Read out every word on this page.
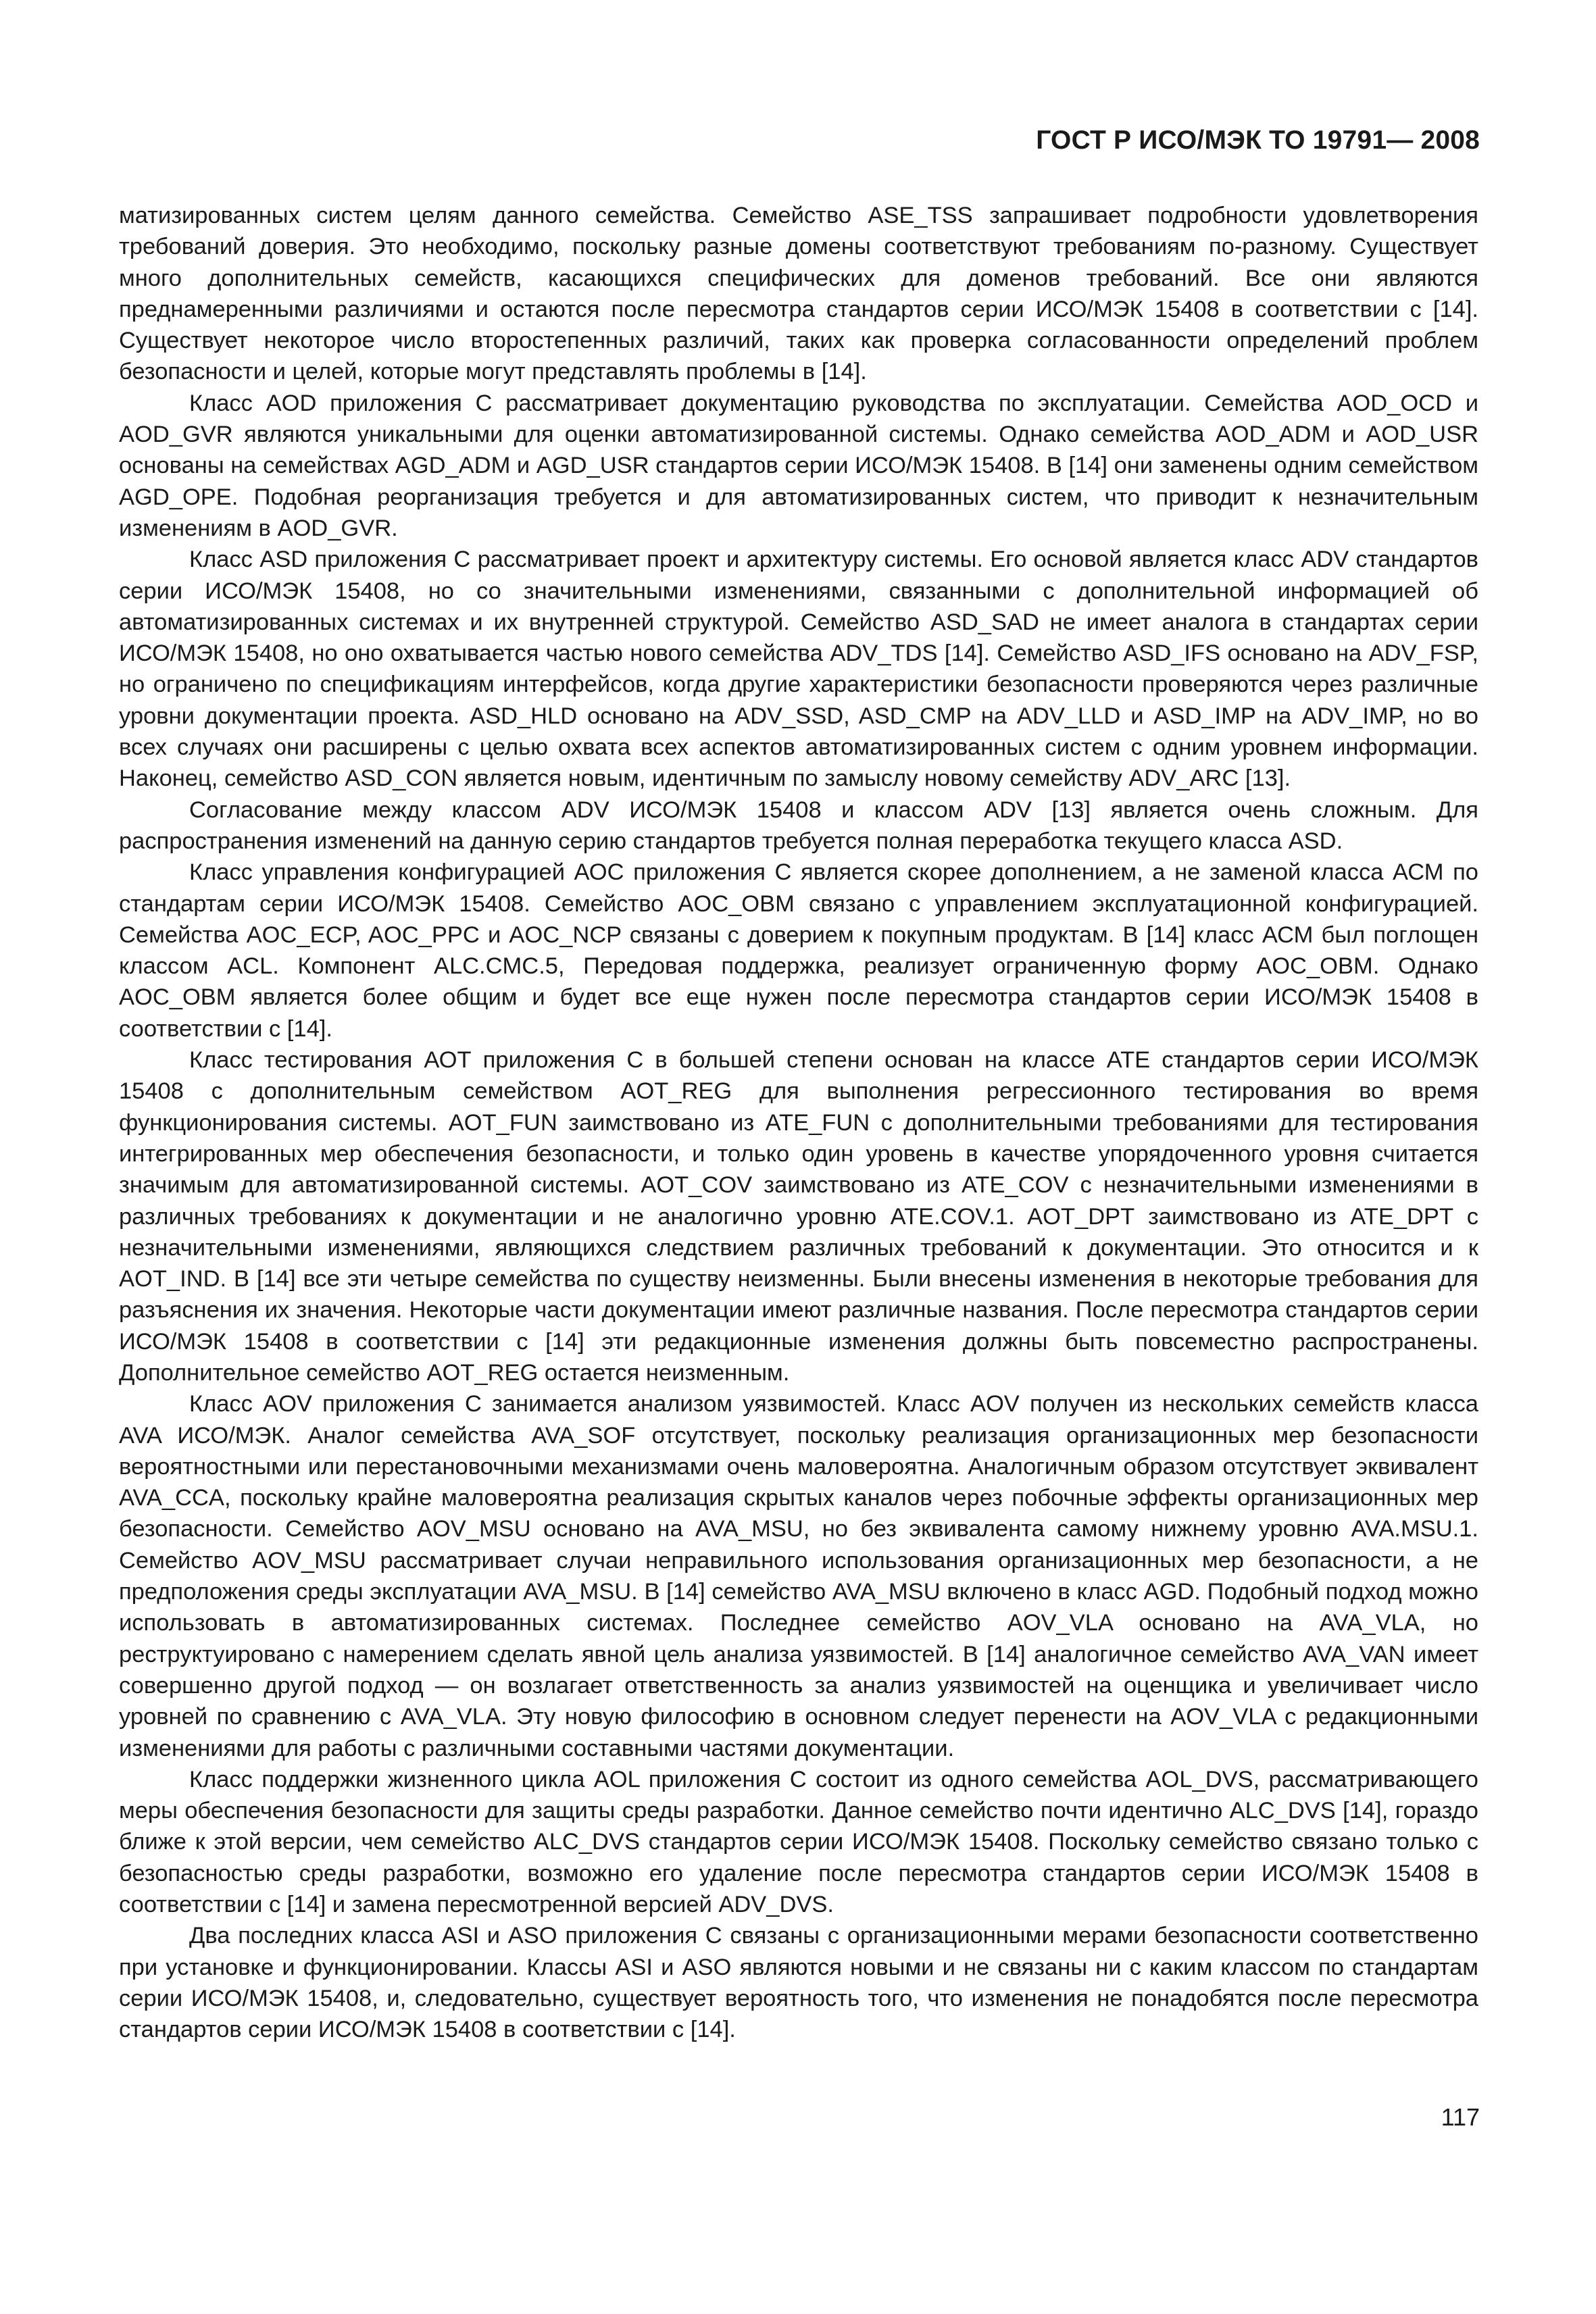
ГОСТ Р ИСО/МЭК ТО 19791— 2008

матизированных систем целям данного семейства. Семейство ASE_TSS запрашивает подробности удовлетворения требований доверия. Это необходимо, поскольку разные домены соответствуют требованиям по-разному. Существует много дополнительных семейств, касающихся специфических для доменов требований. Все они являются преднамеренными различиями и остаются после пересмотра стандартов серии ИСО/МЭК 15408 в соответствии с [14]. Существует некоторое число второстепенных различий, таких как проверка согласованности определений проблем безопасности и целей, которые могут представлять проблемы в [14].

Класс AOD приложения С рассматривает документацию руководства по эксплуатации. Семейства AOD_OCD и AOD_GVR являются уникальными для оценки автоматизированной системы. Однако семейства AOD_ADM и AOD_USR основаны на семействах AGD_ADM и AGD_USR стандартов серии ИСО/МЭК 15408. В [14] они заменены одним семейством AGD_OPE. Подобная реорганизация требуется и для автоматизированных систем, что приводит к незначительным изменениям в AOD_GVR.

Класс ASD приложения С рассматривает проект и архитектуру системы. Его основой является класс ADV стандартов серии ИСО/МЭК 15408, но со значительными изменениями, связанными с дополнительной информацией об автоматизированных системах и их внутренней структурой. Семейство ASD_SAD не имеет аналога в стандартах серии ИСО/МЭК 15408, но оно охватывается частью нового семейства ADV_TDS [14]. Семейство ASD_IFS основано на ADV_FSP, но ограничено по спецификациям интерфейсов, когда другие характеристики безопасности проверяются через различные уровни документации проекта. ASD_HLD основано на ADV_SSD, ASD_CMP на ADV_LLD и ASD_IMP на ADV_IMP, но во всех случаях они расширены с целью охвата всех аспектов автоматизированных систем с одним уровнем информации. Наконец, семейство ASD_CON является новым, идентичным по замыслу новому семейству ADV_ARC [13].

Согласование между классом ADV ИСО/МЭК 15408 и классом ADV [13] является очень сложным. Для распространения изменений на данную серию стандартов требуется полная переработка текущего класса ASD.

Класс управления конфигурацией АОС приложения С является скорее дополнением, а не заменой класса АСМ по стандартам серии ИСО/МЭК 15408. Семейство AOC_OBM связано с управлением эксплуатационной конфигурацией. Семейства AOC_ECP, AOC_PPC и AOC_NCP связаны с доверием к покупным продуктам. В [14] класс АСМ был поглощен классом ACL. Компонент ALC.CMC.5, Передовая поддержка, реализует ограниченную форму AOC_OBM. Однако AOC_OBM является более общим и будет все еще нужен после пересмотра стандартов серии ИСО/МЭК 15408 в соответствии с [14].

Класс тестирования АОТ приложения С в большей степени основан на классе АТЕ стандартов серии ИСО/МЭК 15408 с дополнительным семейством AOT_REG для выполнения регрессионного тестирования во время функционирования системы. AOT_FUN заимствовано из ATE_FUN с дополнительными требованиями для тестирования интегрированных мер обеспечения безопасности, и только один уровень в качестве упорядоченного уровня считается значимым для автоматизированной системы. AOT_COV заимствовано из ATE_COV с незначительными изменениями в различных требованиях к документации и не аналогично уровню ATE.COV.1. AOT_DPT заимствовано из ATE_DPT с незначительными изменениями, являющихся следствием различных требований к документации. Это относится и к AOT_IND. В [14] все эти четыре семейства по существу неизменны. Были внесены изменения в некоторые требования для разъяснения их значения. Некоторые части документации имеют различные названия. После пересмотра стандартов серии ИСО/МЭК 15408 в соответствии с [14] эти редакционные изменения должны быть повсеместно распространены. Дополнительное семейство AOT_REG остается неизменным.

Класс AOV приложения С занимается анализом уязвимостей. Класс AOV получен из нескольких семейств класса AVA ИСО/МЭК. Аналог семейства AVA_SOF отсутствует, поскольку реализация организационных мер безопасности вероятностными или перестановочными механизмами очень маловероятна. Аналогичным образом отсутствует эквивалент AVA_CCA, поскольку крайне маловероятна реализация скрытых каналов через побочные эффекты организационных мер безопасности. Семейство AOV_MSU основано на AVA_MSU, но без эквивалента самому нижнему уровню AVA.MSU.1. Семейство AOV_MSU рассматривает случаи неправильного использования организационных мер безопасности, а не предположения среды эксплуатации AVA_MSU. В [14] семейство AVA_MSU включено в класс AGD. Подобный подход можно использовать в автоматизированных системах. Последнее семейство AOV_VLA основано на AVA_VLA, но реструктуировано с намерением сделать явной цель анализа уязвимостей. В [14] аналогичное семейство AVA_VAN имеет совершенно другой подход — он возлагает ответственность за анализ уязвимостей на оценщика и увеличивает число уровней по сравнению с AVA_VLA. Эту новую философию в основном следует перенести на AOV_VLA с редакционными изменениями для работы с различными составными частями документации.

Класс поддержки жизненного цикла AOL приложения С состоит из одного семейства AOL_DVS, рассматривающего меры обеспечения безопасности для защиты среды разработки. Данное семейство почти идентично ALC_DVS [14], гораздо ближе к этой версии, чем семейство ALC_DVS стандартов серии ИСО/МЭК 15408. Поскольку семейство связано только с безопасностью среды разработки, возможно его удаление после пересмотра стандартов серии ИСО/МЭК 15408 в соответствии с [14] и замена пересмотренной версией ADV_DVS.

Два последних класса ASI и ASO приложения С связаны с организационными мерами безопасности соответственно при установке и функционировании. Классы ASI и ASO являются новыми и не связаны ни с каким классом по стандартам серии ИСО/МЭК 15408, и, следовательно, существует вероятность того, что изменения не понадобятся после пересмотра стандартов серии ИСО/МЭК 15408 в соответствии с [14].

117
